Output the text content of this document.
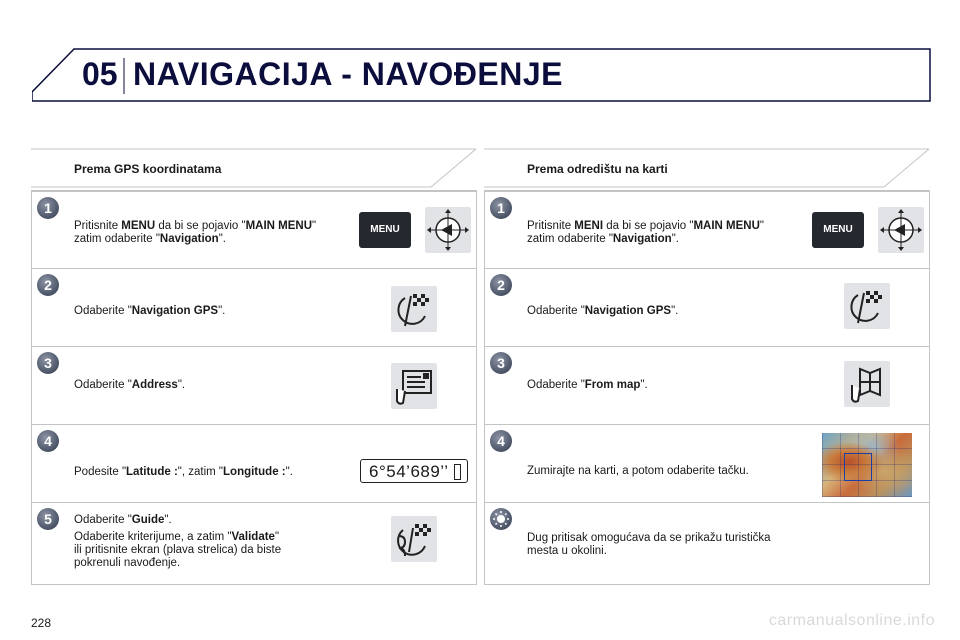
05 NAVIGACIJA - NAVOĐENJE
Prema GPS koordinatama
1
Pritisnite MENU da bi se pojavio "MAIN MENU"
zatim odaberite "Navigation".
MENU
2
Odaberite "Navigation GPS".
3
Odaberite "Address".
4
Podesite "Latitude :", zatim "Longitude :".	6°54’689’’
5	Odaberite "Guide".

Odaberite kriterijume, a zatim "Validate"
ili pritisnite ekran (plava strelica) da biste
pokrenuli navođenje.
Prema odredištu na karti
1
Pritisnite MENI da bi se pojavio "MAIN MENU"
zatim odaberite "Navigation".
MENU
2
Odaberite "Navigation GPS".
3
Odaberite "From map".
4
Zumirajte na karti, a potom odaberite tačku.
Dug pritisak omogućava da se prikažu turistička
mesta u okolini.
228	carmanualsonline.info
